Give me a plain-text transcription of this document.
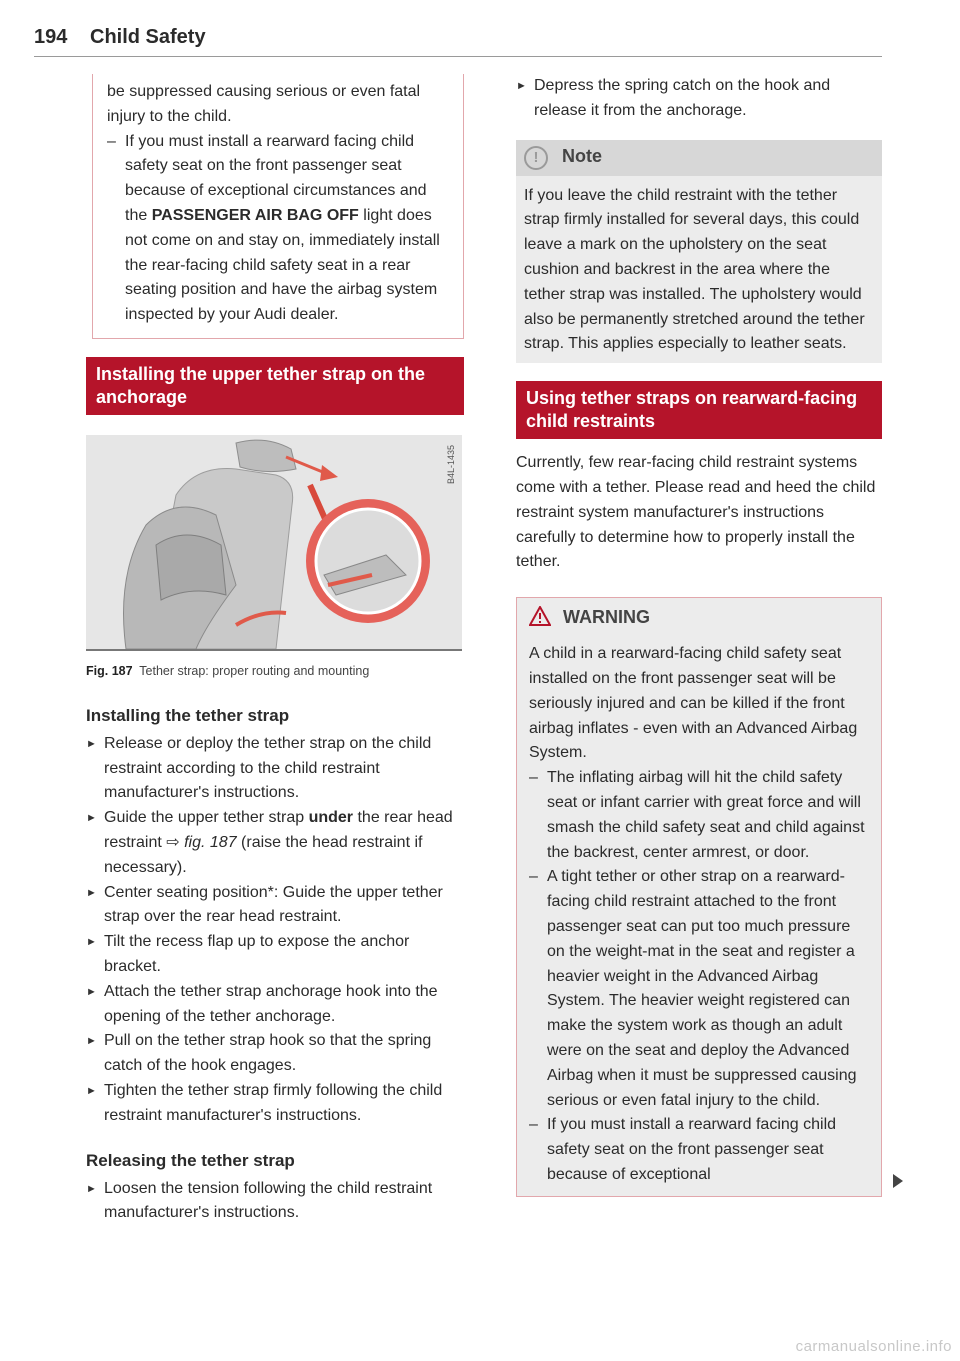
194 Child Safety

be suppressed causing serious or even fatal injury to the child.

– If you must install a rearward facing child safety seat on the front passenger seat because of exceptional circumstances and the PASSENGER AIR BAG OFF light does not come on and stay on, immediately install the rear-facing child safety seat in a rear seating position and have the airbag system inspected by your Audi dealer.

Installing the upper tether strap on the anchorage
B4L-1435

Fig. 187 Tether strap: proper routing and mounting

Installing the tether strap

► Release or deploy the tether strap on the child restraint according to the child restraint manufacturer's instructions.

► Guide the upper tether strap under the rear head restraint ⇨ fig. 187 (raise the head restraint if necessary).

► Center seating position*: Guide the upper tether strap over the rear head restraint.

► Tilt the recess flap up to expose the anchor bracket.

► Attach the tether strap anchorage hook into the opening of the tether anchorage.

► Pull on the tether strap hook so that the spring catch of the hook engages.

► Tighten the tether strap firmly following the child restraint manufacturer's instructions.

Releasing the tether strap

► Loosen the tension following the child restraint manufacturer's instructions.

► Depress the spring catch on the hook and release it from the anchorage.

!	Note

If you leave the child restraint with the tether strap firmly installed for several days, this could leave a mark on the upholstery on the seat cushion and backrest in the area where the tether strap was installed. The upholstery would also be permanently stretched around the tether strap. This applies especially to leather seats.

Using tether straps on rearward-facing child restraints

Currently, few rear-facing child restraint systems come with a tether. Please read and heed the child restraint system manufacturer's instructions carefully to determine how to properly install the tether.

WARNING

A child in a rearward-facing child safety seat installed on the front passenger seat will be seriously injured and can be killed if the front airbag inflates - even with an Advanced Airbag System.

– The inflating airbag will hit the child safety seat or infant carrier with great force and will smash the child safety seat and child against the backrest, center armrest, or door.

– A tight tether or other strap on a rearward-facing child restraint attached to the front passenger seat can put too much pressure on the weight-mat in the seat and register a heavier weight in the Advanced Airbag System. The heavier weight registered can make the system work as though an adult were on the seat and deploy the Advanced Airbag when it must be suppressed causing serious or even fatal injury to the child.

– If you must install a rearward facing child safety seat on the front passenger seat because of exceptional

carmanualsonline.info
